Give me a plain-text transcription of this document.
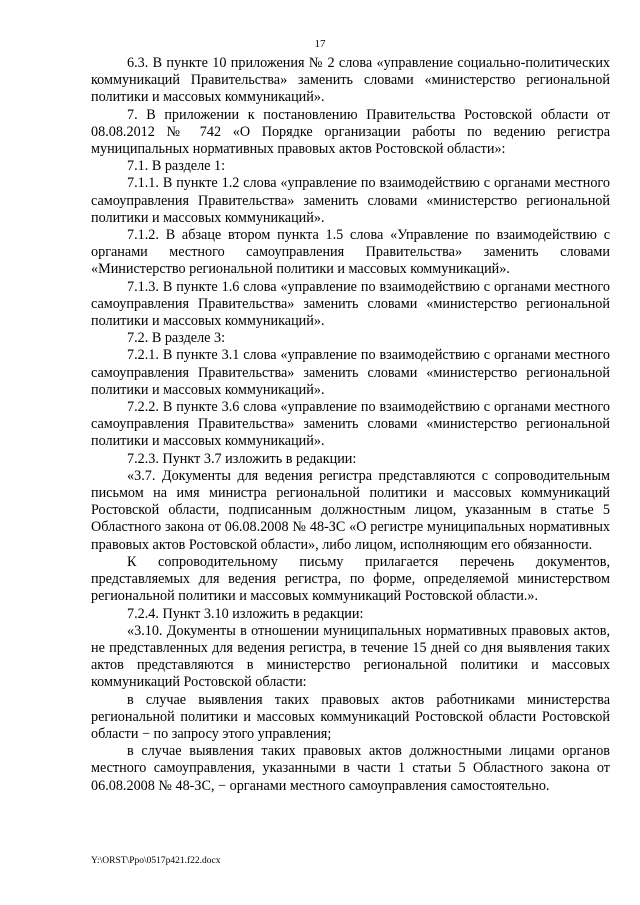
17

6.3. В пункте 10 приложения № 2 слова «управление социально-политических коммуникаций Правительства» заменить словами «министерство региональной политики и массовых коммуникаций».

7. В приложении к постановлению Правительства Ростовской области от 08.08.2012 № 742 «О Порядке организации работы по ведению регистра муниципальных нормативных правовых актов Ростовской области»:

7.1. В разделе 1:

7.1.1. В пункте 1.2 слова «управление по взаимодействию с органами местного самоуправления Правительства» заменить словами «министерство региональной политики и массовых коммуникаций».

7.1.2. В абзаце втором пункта 1.5 слова «Управление по взаимодействию с органами местного самоуправления Правительства» заменить словами «Министерство региональной политики и массовых коммуникаций».

7.1.3. В пункте 1.6 слова «управление по взаимодействию с органами местного самоуправления Правительства» заменить словами «министерство региональной политики и массовых коммуникаций».

7.2. В разделе 3:

7.2.1. В пункте 3.1 слова «управление по взаимодействию с органами местного самоуправления Правительства» заменить словами «министерство региональной политики и массовых коммуникаций».

7.2.2. В пункте 3.6 слова «управление по взаимодействию с органами местного самоуправления Правительства» заменить словами «министерство региональной политики и массовых коммуникаций».

7.2.3. Пункт 3.7 изложить в редакции:

«3.7. Документы для ведения регистра представляются с сопроводительным письмом на имя министра региональной политики и массовых коммуникаций Ростовской области, подписанным должностным лицом, указанным в статье 5 Областного закона от 06.08.2008 № 48-ЗС «О регистре муниципальных нормативных правовых актов Ростовской области», либо лицом, исполняющим его обязанности.

К сопроводительному письму прилагается перечень документов, представляемых для ведения регистра, по форме, определяемой министерством региональной политики и массовых коммуникаций Ростовской области.».

7.2.4. Пункт 3.10 изложить в редакции:

«3.10. Документы в отношении муниципальных нормативных правовых актов, не представленных для ведения регистра, в течение 15 дней со дня выявления таких актов представляются в министерство региональной политики и массовых коммуникаций Ростовской области:

в случае выявления таких правовых актов работниками министерства региональной политики и массовых коммуникаций Ростовской области Ростовской области − по запросу этого управления;

в случае выявления таких правовых актов должностными лицами органов местного самоуправления, указанными в части 1 статьи 5 Областного закона от 06.08.2008 № 48-ЗС, − органами местного самоуправления самостоятельно.

Y:\ORST\Ppo\0517p421.f22.docx
